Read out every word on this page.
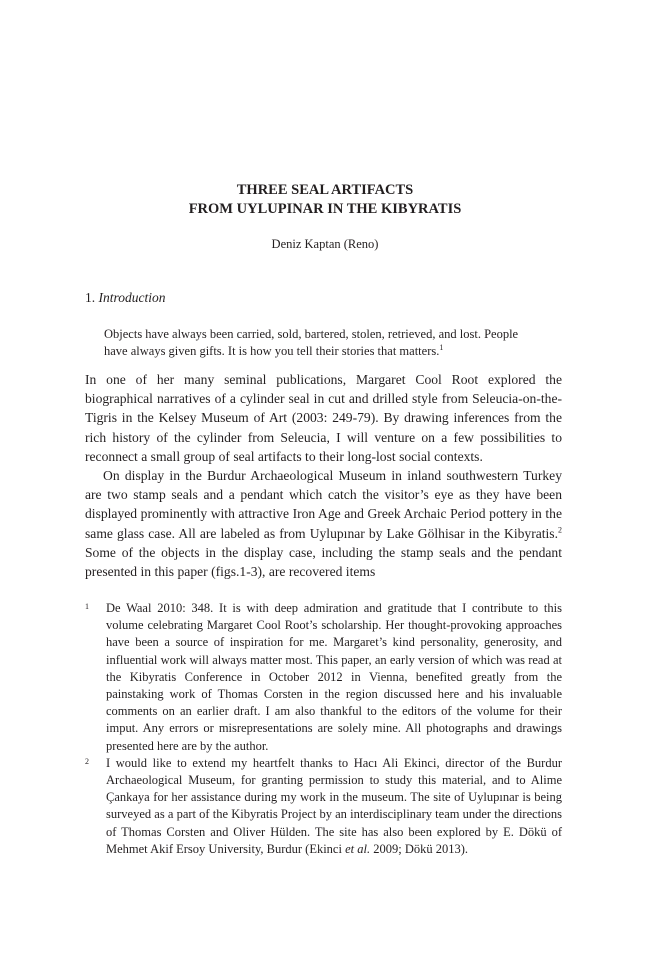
THREE SEAL ARTIFACTS
FROM UYLUPINAR IN THE KIBYRATIS
Deniz Kaptan (Reno)
1. Introduction

Objects have always been carried, sold, bartered, stolen, retrieved, and lost. People

have always given gifts. It is how you tell their stories that matters.$^1$

In one of her many seminal publications, Margaret Cool Root explored the biographical narratives of a cylinder seal in cut and drilled style from Seleucia-on-the-Tigris in the Kelsey Museum of Art (2003: 249-79). By drawing inferences from the rich history of the cylinder from Seleucia, I will venture on a few possibilities to reconnect a small group of seal artifacts to their long-lost social contexts.

On display in the Burdur Archaeological Museum in inland southwestern Turkey are two stamp seals and a pendant which catch the visitor’s eye as they have been displayed prominently with attractive Iron Age and Greek Archaic Period pottery in the same glass case. All are labeled as from Uylupınar by Lake Gölhisar in the Kibyratis.$^2$ Some of the objects in the display case, including the stamp seals and the pendant presented in this paper (figs.1-3), are recovered items

1 De Waal 2010: 348. It is with deep admiration and gratitude that I contribute to this volume celebrating Margaret Cool Root’s scholarship. Her thought-provoking approaches have been a source of inspiration for me. Margaret’s kind personality, generosity, and influential work will always matter most. This paper, an early version of which was read at the Kibyratis Conference in October 2012 in Vienna, benefited greatly from the painstaking work of Thomas Corsten in the region discussed here and his invaluable comments on an earlier draft. I am also thankful to the editors of the volume for their imput. Any errors or misrepresentations are solely mine. All photographs and drawings presented here are by the author.
2 I would like to extend my heartfelt thanks to Hacı Ali Ekinci, director of the Burdur Archaeological Museum, for granting permission to study this material, and to Alime Çankaya for her assistance during my work in the museum. The site of Uylupınar is being surveyed as a part of the Kibyratis Project by an interdisciplinary team under the directions of Thomas Corsten and Oliver Hülden. The site has also been explored by E. Dökü of Mehmet Akif Ersoy University, Burdur (Ekinci et al. 2009; Dökü 2013).
